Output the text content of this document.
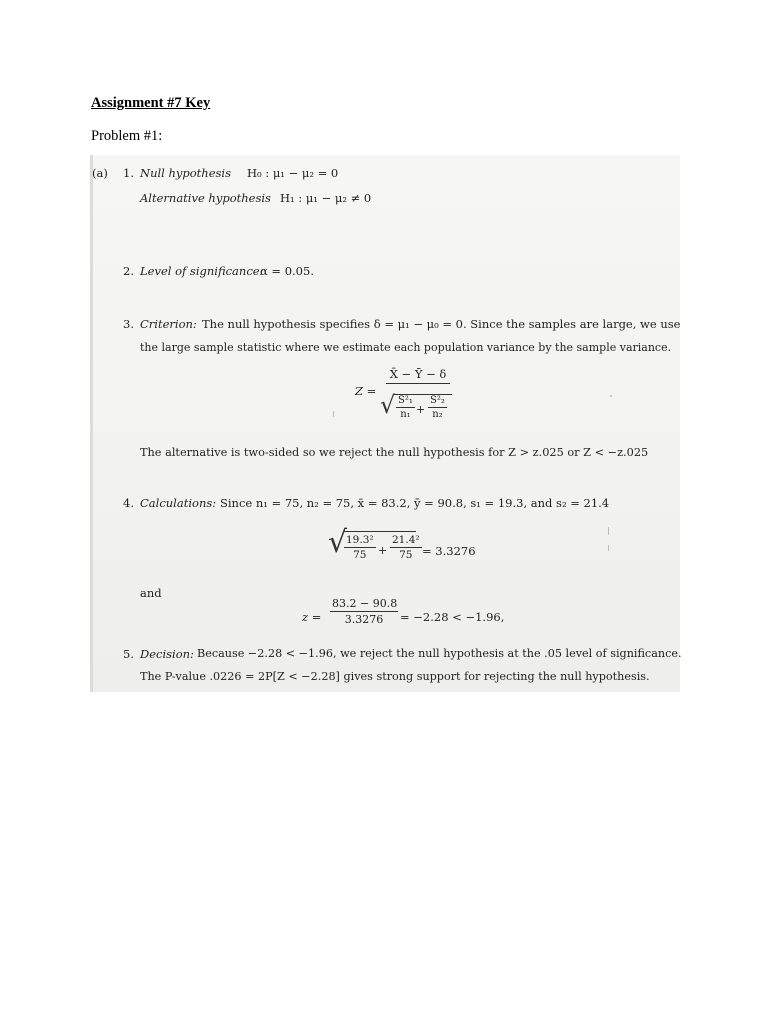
Assignment #7 Key
Problem #1:
(a) 1. Null hypothesis H₀ : μ₁ − μ₂ = 0
Alternative hypothesis H₁ : μ₁ − μ₂ ≠ 0
2. Level of significance:
α = 0.05.
3. Criterion: The null hypothesis specifies δ = μ₁ − μ₀ = 0. Since the samples are large, we use
the large sample statistic where we estimate each population variance by the sample variance.
Z =
X̄ − Ȳ − δ
√ $\frac{\text{S²₁}}{\text{n₁}} + \frac{\text{S²₂}}{\text{n₂}}$
The alternative is two-sided so we reject the null hypothesis for Z > z.025 or Z < −z.025
4. Calculations: Since n₁ = 75, n₂ = 75, x̄ = 83.2, ȳ = 90.8, s₁ = 19.3, and s₂ = 21.4
√
$\frac{\text{19.3²}}{75} + \frac{\text{21.4²}}{75} = 3.3276$
and
$z = \frac{83.2 - 90.8}{3.3276} = -2.28 < -1.96$,
5. Decision: Because −2.28 < −1.96, we reject the null hypothesis at the .05 level of significance.
The P-value .0226 = 2P[Z < −2.28] gives strong support for rejecting the null hypothesis.
